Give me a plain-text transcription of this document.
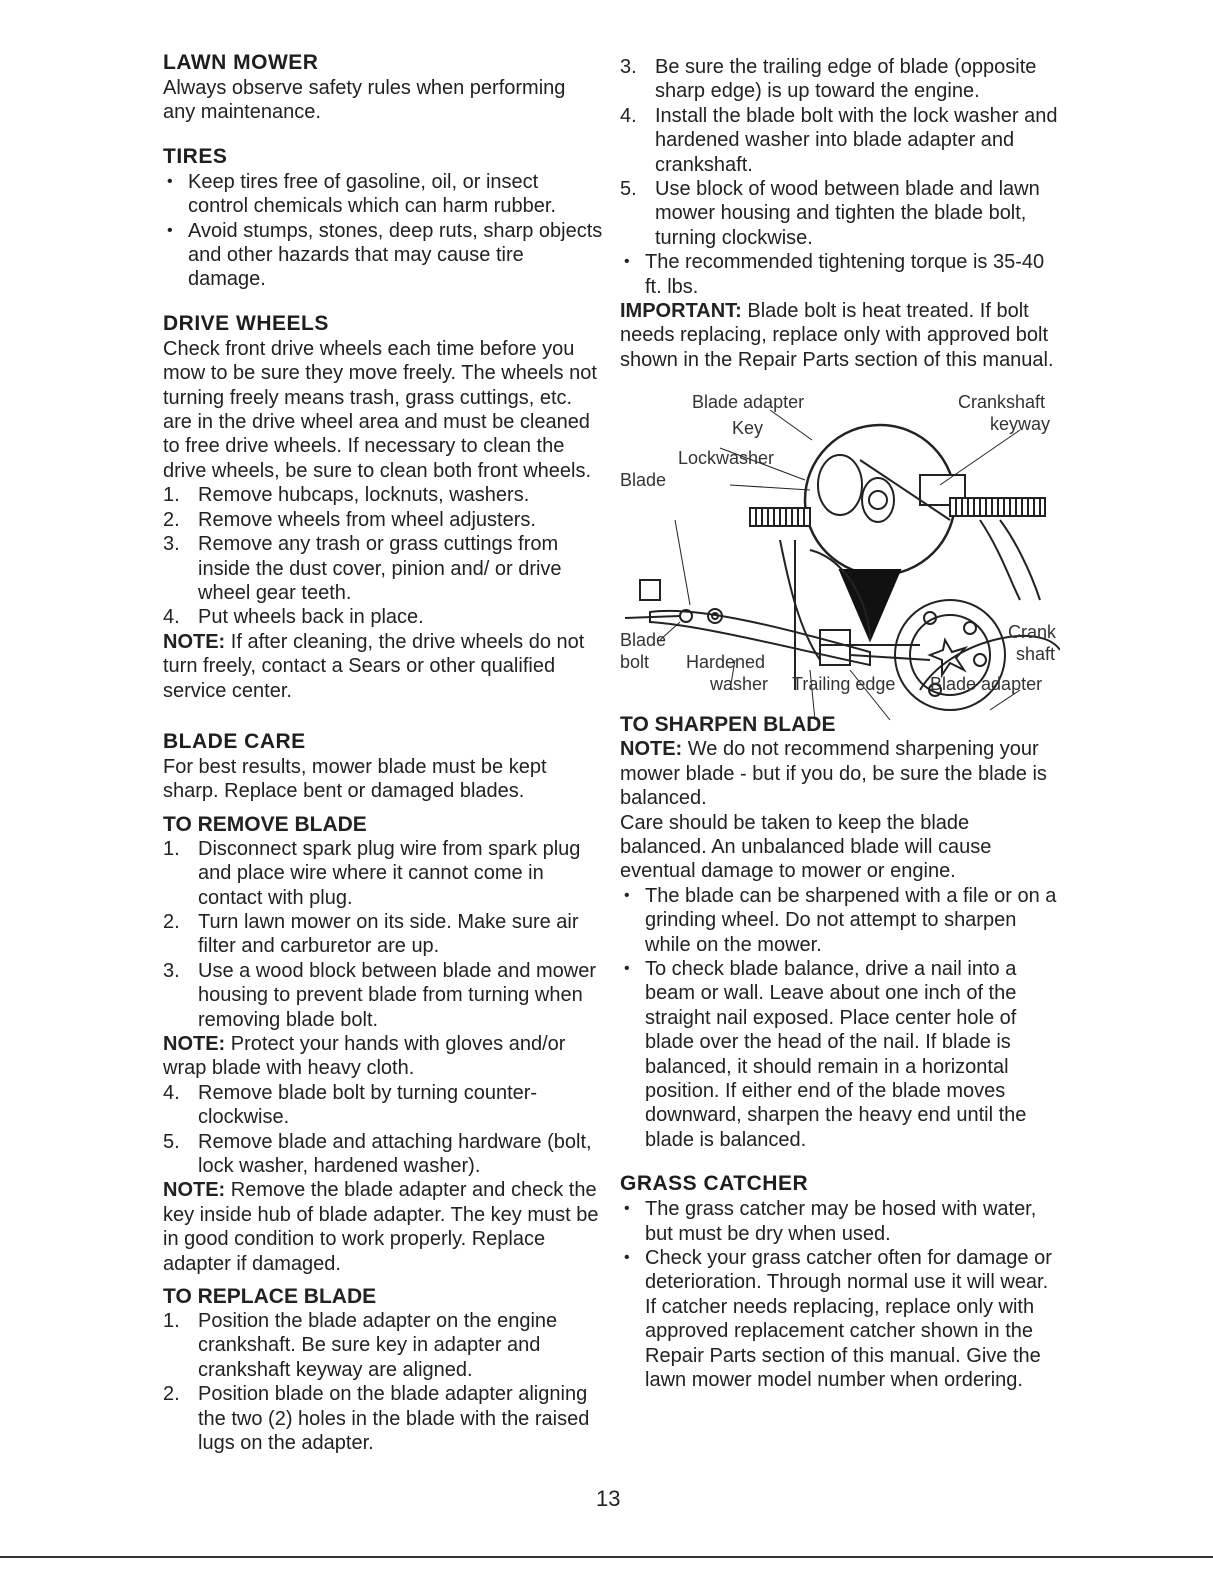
LAWN MOWER

Always observe safety rules when performing any maintenance.

TIRES
• Keep tires free of gasoline, oil, or insect control chemicals which can harm rubber.
• Avoid stumps, stones, deep ruts, sharp objects and other hazards that may cause tire damage.
DRIVE WHEELS

Check front drive wheels each time before you mow to be sure they move freely. The wheels not turning freely means trash, grass cuttings, etc. are in the drive wheel area and must be cleaned to free drive wheels. If necessary to clean the drive wheels, be sure to clean both front wheels.

1. Remove hubcaps, locknuts, washers.
2. Remove wheels from wheel adjusters.
3. Remove any trash or grass cuttings from inside the dust cover, pinion and/ or drive wheel gear teeth.
4. Put wheels back in place.

NOTE: If after cleaning, the drive wheels do not turn freely, contact a Sears or other qualified service center.

BLADE CARE

For best results, mower blade must be kept sharp. Replace bent or damaged blades.

TO REMOVE BLADE
1. Disconnect spark plug wire from spark plug and place wire where it cannot come in contact with plug.
2. Turn lawn mower on its side. Make sure air filter and carburetor are up.
3. Use a wood block between blade and mower housing to prevent blade from turning when removing blade bolt.

NOTE: Protect your hands with gloves and/or wrap blade with heavy cloth.

4. Remove blade bolt by turning counter-clockwise.
5. Remove blade and attaching hardware (bolt, lock washer, hardened washer).

NOTE: Remove the blade adapter and check the key inside hub of blade adapter. The key must be in good condition to work properly. Replace adapter if damaged.

TO REPLACE BLADE
1. Position the blade adapter on the engine crankshaft. Be sure key in adapter and crankshaft keyway are aligned.
2. Position blade on the blade adapter aligning the two (2) holes in the blade with the raised lugs on the adapter.
3. Be sure the trailing edge of blade (opposite sharp edge) is up toward the engine.
4. Install the blade bolt with the lock washer and hardened washer into blade adapter and crankshaft.
5. Use block of wood between blade and lawn mower housing and tighten the blade bolt, turning clockwise.
• The recommended tightening torque is 35-40 ft. lbs.

IMPORTANT: Blade bolt is heat treated. If bolt needs replacing, replace only with approved bolt shown in the Repair Parts section of this manual.

Blade adapter
Key
Lockwasher
Blade
Crankshaft
keyway
Blade
bolt Hardened
washer Trailing edge Blade adapter
Crank
shaft
TO SHARPEN BLADE

NOTE: We do not recommend sharpening your mower blade - but if you do, be sure the blade is balanced.

Care should be taken to keep the blade balanced. An unbalanced blade will cause eventual damage to mower or engine.

• The blade can be sharpened with a file or on a grinding wheel. Do not attempt to sharpen while on the mower.
• To check blade balance, drive a nail into a beam or wall. Leave about one inch of the straight nail exposed. Place center hole of blade over the head of the nail. If blade is balanced, it should remain in a horizontal position. If either end of the blade moves downward, sharpen the heavy end until the blade is balanced.
GRASS CATCHER
• The grass catcher may be hosed with water, but must be dry when used.
• Check your grass catcher often for damage or deterioration. Through normal use it will wear. If catcher needs replacing, replace only with approved replacement catcher shown in the Repair Parts section of this manual. Give the lawn mower model number when ordering.
13
